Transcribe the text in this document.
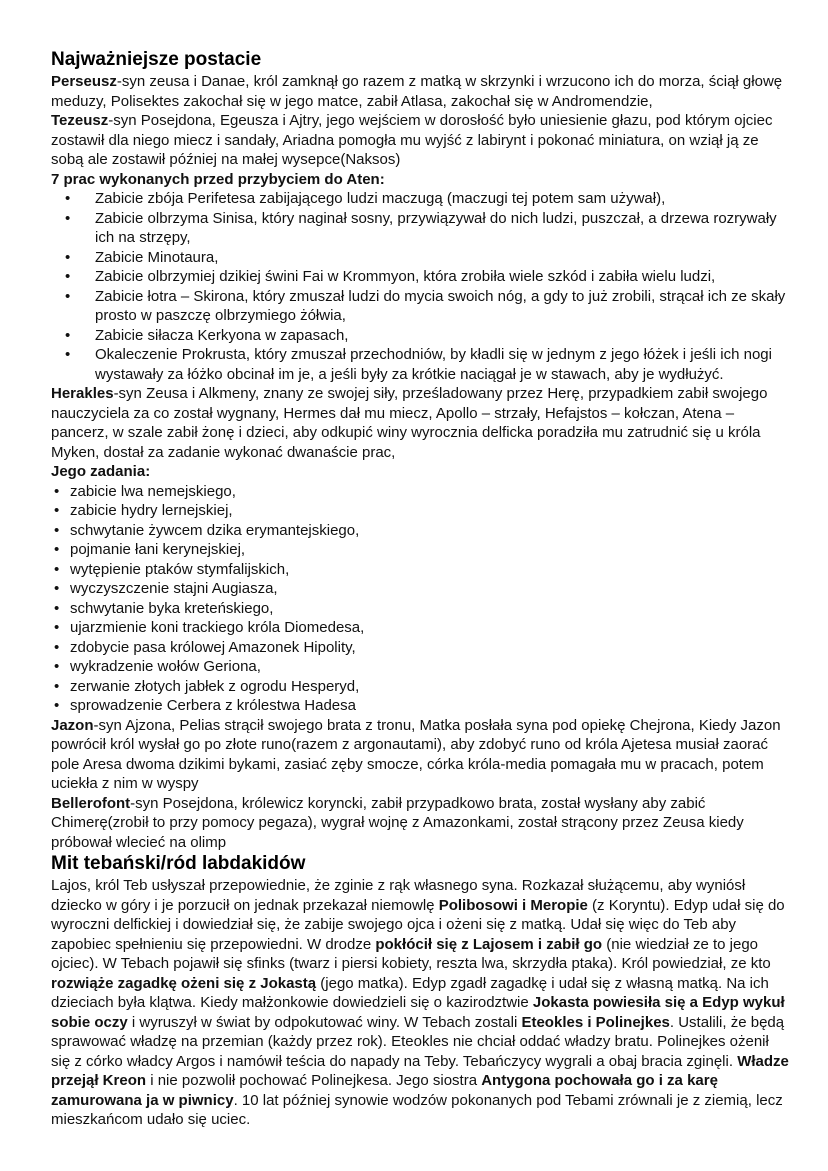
Najważniejsze postacie

Perseusz-syn zeusa i Danae, król zamknął go razem z matką w skrzynki i wrzucono ich do morza, ściął głowę meduzy, Polisektes zakochał się w jego matce, zabił Atlasa, zakochał się w Andromendzie,

Tezeusz-syn Posejdona, Egeusza i Ajtry, jego wejściem w dorosłość było uniesienie głazu, pod którym ojciec zostawił dla niego miecz i sandały, Ariadna pomogła mu wyjść z labirynt i pokonać miniatura, on wziął ją ze sobą ale zostawił później na małej wysepce(Naksos)

7 prac wykonanych przed przybyciem do Aten:

• Zabicie zbója Perifetesa zabijającego ludzi maczugą (maczugi tej potem sam używał),
• Zabicie olbrzyma Sinisa, który naginał sosny, przywiązywał do nich ludzi, puszczał, a drzewa rozrywały ich na strzępy,
• Zabicie Minotaura,
• Zabicie olbrzymiej dzikiej świni Fai w Krommyon, która zrobiła wiele szkód i zabiła wielu ludzi,
• Zabicie łotra – Skirona, który zmuszał ludzi do mycia swoich nóg, a gdy to już zrobili, strącał ich ze skały prosto w paszczę olbrzymiego żółwia,
• Zabicie siłacza Kerkyona w zapasach,
• Okaleczenie Prokrusta, który zmuszał przechodniów, by kładli się w jednym z jego łóżek i jeśli ich nogi wystawały za łóżko obcinał im je, a jeśli były za krótkie naciągał je w stawach, aby je wydłużyć.

Herakles-syn Zeusa i Alkmeny, znany ze swojej siły, prześladowany przez Herę, przypadkiem zabił swojego nauczyciela za co został wygnany, Hermes dał mu miecz, Apollo – strzały, Hefajstos – kołczan, Atena – pancerz, w szale zabił żonę i dzieci, aby odkupić winy wyrocznia delficka poradziła mu zatrudnić się u króla Myken, dostał za zadanie wykonać dwanaście prac,

Jego zadania:

• zabicie lwa nemejskiego,
• zabicie hydry lernejskiej,
• schwytanie żywcem dzika erymantejskiego,
• pojmanie łani kerynejskiej,
• wytępienie ptaków stymfalijskich,
• wyczyszczenie stajni Augiasza,
• schwytanie byka kreteńskiego,
• ujarzmienie koni trackiego króla Diomedesa,
• zdobycie pasa królowej Amazonek Hipolity,
• wykradzenie wołów Geriona,
• zerwanie złotych jabłek z ogrodu Hesperyd,
• sprowadzenie Cerbera z królestwa Hadesa

Jazon-syn Ajzona, Pelias strącił swojego brata z tronu, Matka posłała syna pod opiekę Chejrona, Kiedy Jazon powrócił król wysłał go po złote runo(razem z argonautami), aby zdobyć runo od króla Ajetesa musiał zaorać pole Aresa dwoma dzikimi bykami, zasiać zęby smocze, córka króla-media pomagała mu w pracach, potem uciekła z nim w wyspy

Bellerofont-syn Posejdona, królewicz koryncki, zabił przypadkowo brata, został wysłany aby zabić Chimerę(zrobił to przy pomocy pegaza), wygrał wojnę z Amazonkami, został strącony przez Zeusa kiedy próbował wlecieć na olimp

Mit tebański/ród labdakidów

Lajos, król Teb usłyszał przepowiednie, że zginie z rąk własnego syna. Rozkazał służącemu, aby wyniósł dziecko w góry i je porzucił on jednak przekazał niemowlę Polibosowi i Meropie (z Koryntu). Edyp udał się do wyroczni delfickiej i dowiedział się, że zabije swojego ojca i ożeni się z matką. Udał się więc do Teb aby zapobiec spełnieniu się przepowiedni. W drodze pokłócił się z Lajosem i zabił go (nie wiedział ze to jego ojciec). W Tebach pojawił się sfinks (twarz i piersi kobiety, reszta lwa, skrzydła ptaka). Król powiedział, ze kto rozwiąże zagadkę ożeni się z Jokastą (jego matka). Edyp zgadł zagadkę i udał się z własną matką. Na ich dzieciach była klątwa. Kiedy małżonkowie dowiedzieli się o kazirodztwie Jokasta powiesiła się a Edyp wykuł sobie oczy i wyruszył w świat by odpokutować winy. W Tebach zostali Eteokles i Polinejkes. Ustalili, że będą sprawować władzę na przemian (każdy przez rok). Eteokles nie chciał oddać władzy bratu. Polinejkes ożenił się z córko władcy Argos i namówił teścia do napady na Teby. Tebańczycy wygrali a obaj bracia zginęli. Władze przejął Kreon i nie pozwolił pochować Polinejkesa. Jego siostra Antygona pochowała go i za karę zamurowana ja w piwnicy. 10 lat później synowie wodzów pokonanych pod Tebami zrównali je z ziemią, lecz mieszkańcom udało się uciec.
